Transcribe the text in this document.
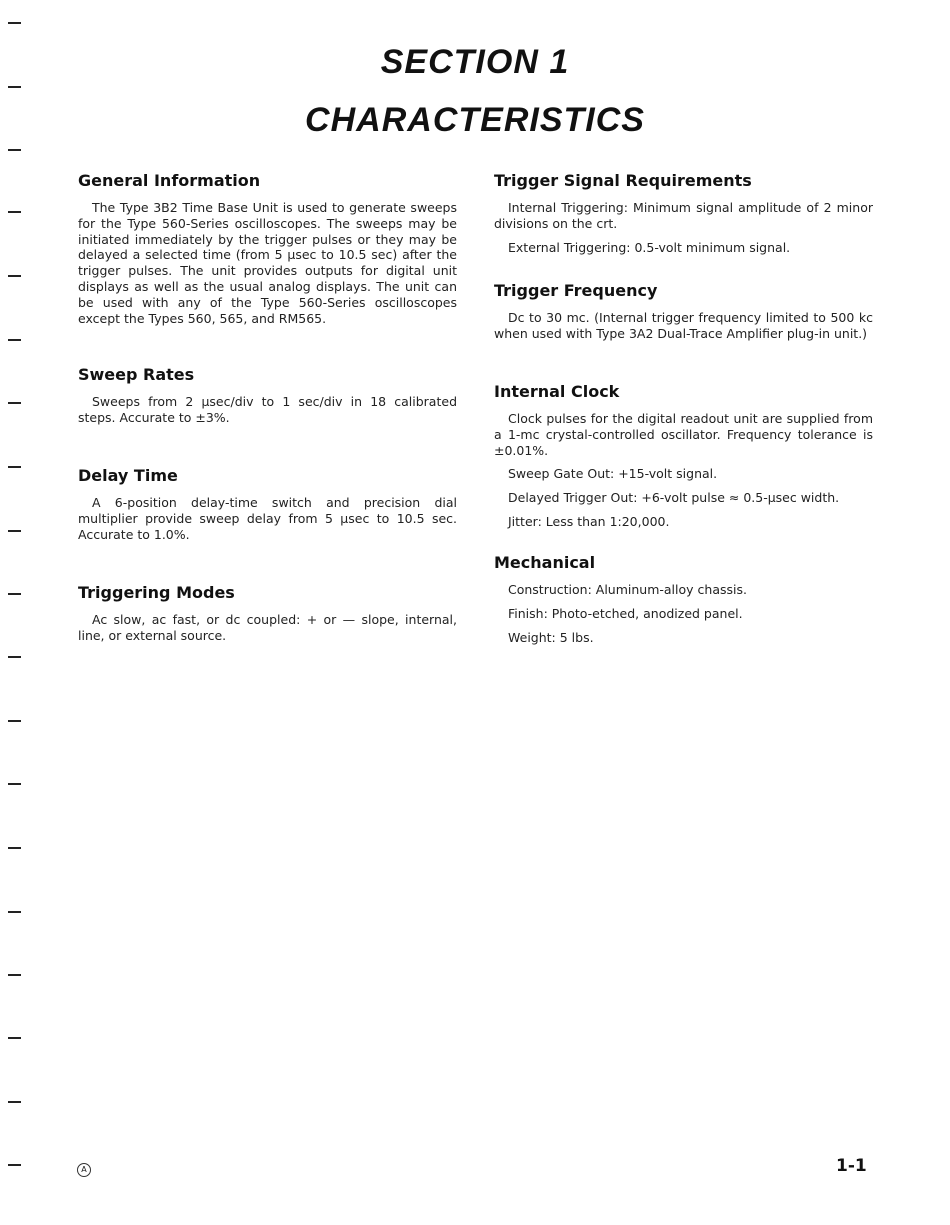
SECTION 1
CHARACTERISTICS
General Information

The Type 3B2 Time Base Unit is used to generate sweeps for the Type 560-Series oscilloscopes. The sweeps may be initiated immediately by the trigger pulses or they may be delayed a selected time (from 5 µsec to 10.5 sec) after the trigger pulses. The unit provides outputs for digital unit displays as well as the usual analog displays. The unit can be used with any of the Type 560-Series oscilloscopes except the Types 560, 565, and RM565.

Sweep Rates

Sweeps from 2 µsec/div to 1 sec/div in 18 calibrated steps. Accurate to ±3%.

Delay Time

A 6-position delay-time switch and precision dial multiplier provide sweep delay from 5 µsec to 10.5 sec. Accurate to 1.0%.

Triggering Modes

Ac slow, ac fast, or dc coupled: + or — slope, internal, line, or external source.

Trigger Signal Requirements

Internal Triggering: Minimum signal amplitude of 2 minor divisions on the crt.

External Triggering: 0.5-volt minimum signal.

Trigger Frequency

Dc to 30 mc. (Internal trigger frequency limited to 500 kc when used with Type 3A2 Dual-Trace Amplifier plug-in unit.)

Internal Clock

Clock pulses for the digital readout unit are supplied from a 1-mc crystal-controlled oscillator. Frequency tolerance is ±0.01%.

Sweep Gate Out: +15-volt signal.

Delayed Trigger Out: +6-volt pulse ≈ 0.5-µsec width.

Jitter: Less than 1:20,000.

Mechanical

Construction: Aluminum-alloy chassis.

Finish: Photo-etched, anodized panel.

Weight: 5 lbs.

A	1-1
